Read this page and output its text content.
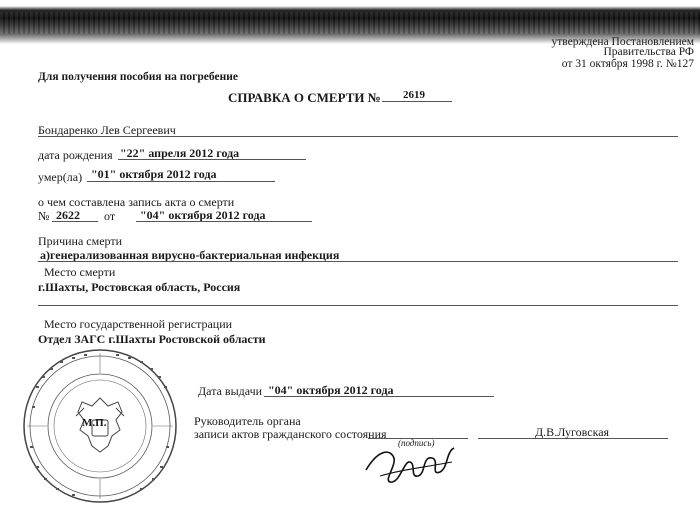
утверждена Постановлением
Правительства РФ
от 31 октября 1998 г. №127
Для получения пособия на погребение
СПРАВКА О СМЕРТИ № 2619
Бондаренко Лев Сергеевич
дата рождения "22" апреля 2012 года
умер(ла) "01" октября 2012 года
о чем составлена запись акта о смерти
№ 2622 от "04" октября 2012 года
Причина смерти
а)генерализованная вирусно-бактериальная инфекция
Место смерти
г.Шахты, Ростовская область, Россия
Место государственной регистрации
Отдел ЗАГС г.Шахты Ростовской области
М.П.
Дата выдачи "04" октября 2012 года
Руководитель органа
записи актов гражданского состояния
(подпись)
Д.В.Луговская
